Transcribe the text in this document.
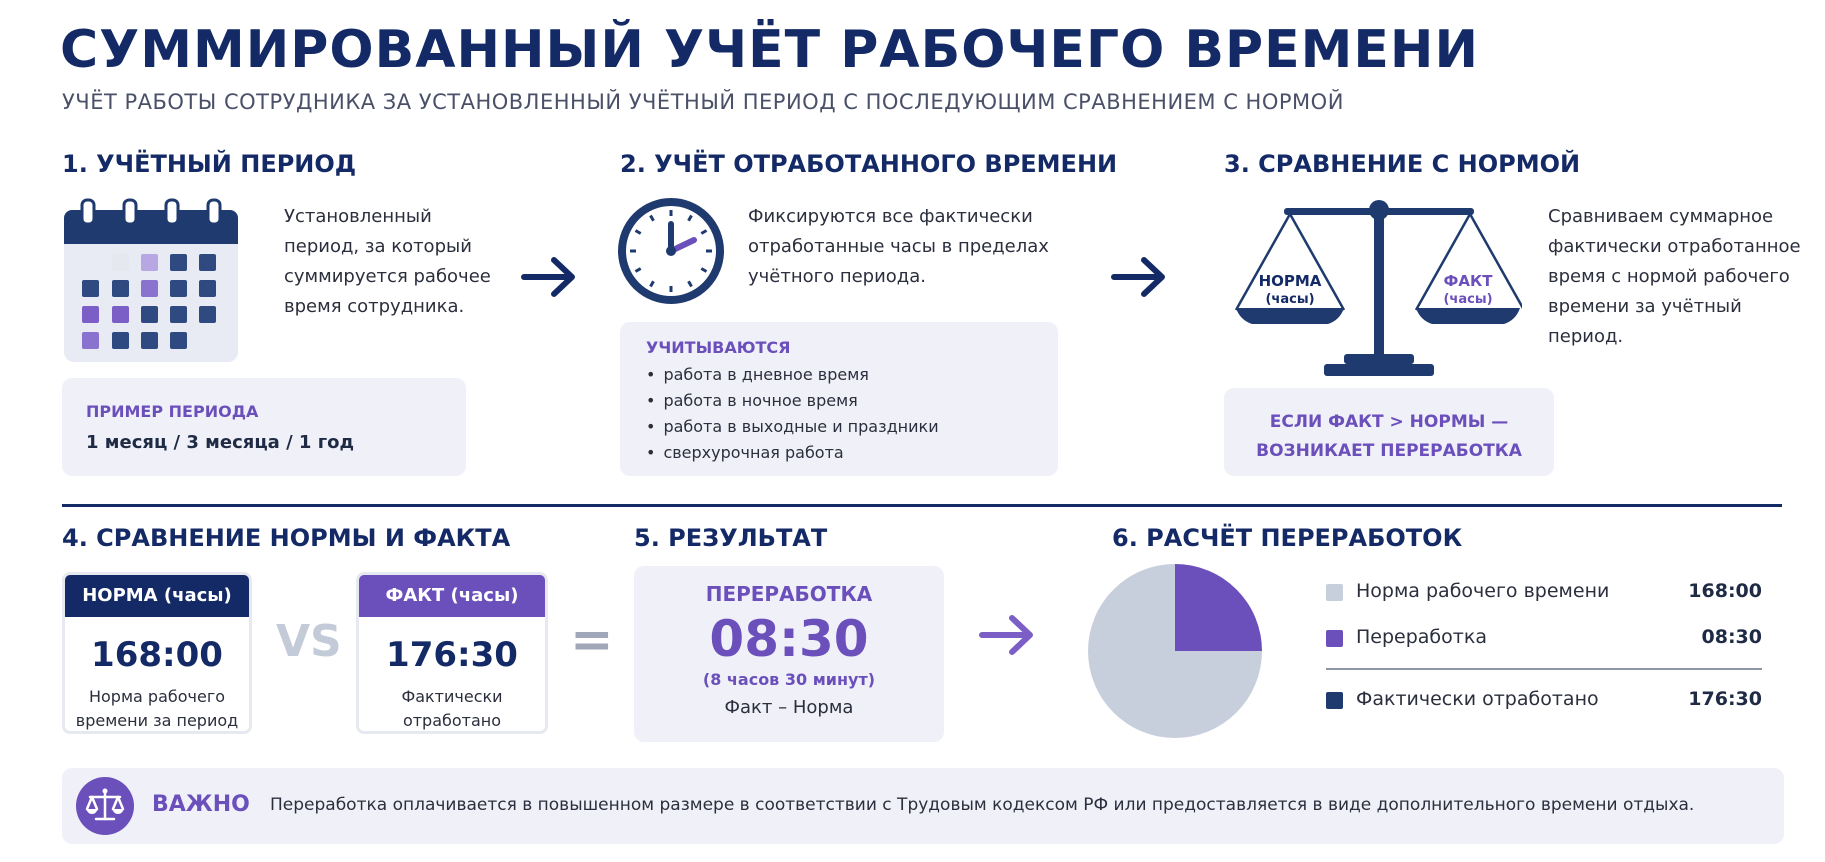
СУММИРОВАННЫЙ УЧЁТ РАБОЧЕГО ВРЕМЕНИ
УЧЁТ РАБОТЫ СОТРУДНИКА ЗА УСТАНОВЛЕННЫЙ УЧЁТНЫЙ ПЕРИОД С ПОСЛЕДУЮЩИМ СРАВНЕНИЕМ С НОРМОЙ
1. УЧЁТНЫЙ ПЕРИОД
Установленный
период, за который
суммируется рабочее
время сотрудника.
ПРИМЕР ПЕРИОДА
1 месяц / 3 месяца / 1 год
2. УЧЁТ ОТРАБОТАННОГО ВРЕМЕНИ
Фиксируются все фактически
отработанные часы в пределах
учётного периода.
УЧИТЫВАЮТСЯ
• работа в дневное время
• работа в ночное время
• работа в выходные и праздники
• сверхурочная работа
3. СРАВНЕНИЕ С НОРМОЙ
НОРМА
(часы)
ФАКТ
(часы)
Сравниваем суммарное
фактически отработанное
время с нормой рабочего
времени за учётный
период.
ЕСЛИ ФАКТ > НОРМЫ —
ВОЗНИКАЕТ ПЕРЕРАБОТКА
4. СРАВНЕНИЕ НОРМЫ И ФАКТА
НОРМА (часы)
168:00
Норма рабочего
времени за период
VS
ФАКТ (часы)
176:30
Фактически
отработано
=
5. РЕЗУЛЬТАТ
ПЕРЕРАБОТКА
08:30
(8 часов 30 минут)
Факт – Норма
6. РАСЧЁТ ПЕРЕРАБОТОК
Норма рабочего времени	168:00
Переработка	08:30
Фактически отработано	176:30
ВАЖНО Переработка оплачивается в повышенном размере в соответствии с Трудовым кодексом РФ или предоставляется в виде дополнительного времени отдыха.
